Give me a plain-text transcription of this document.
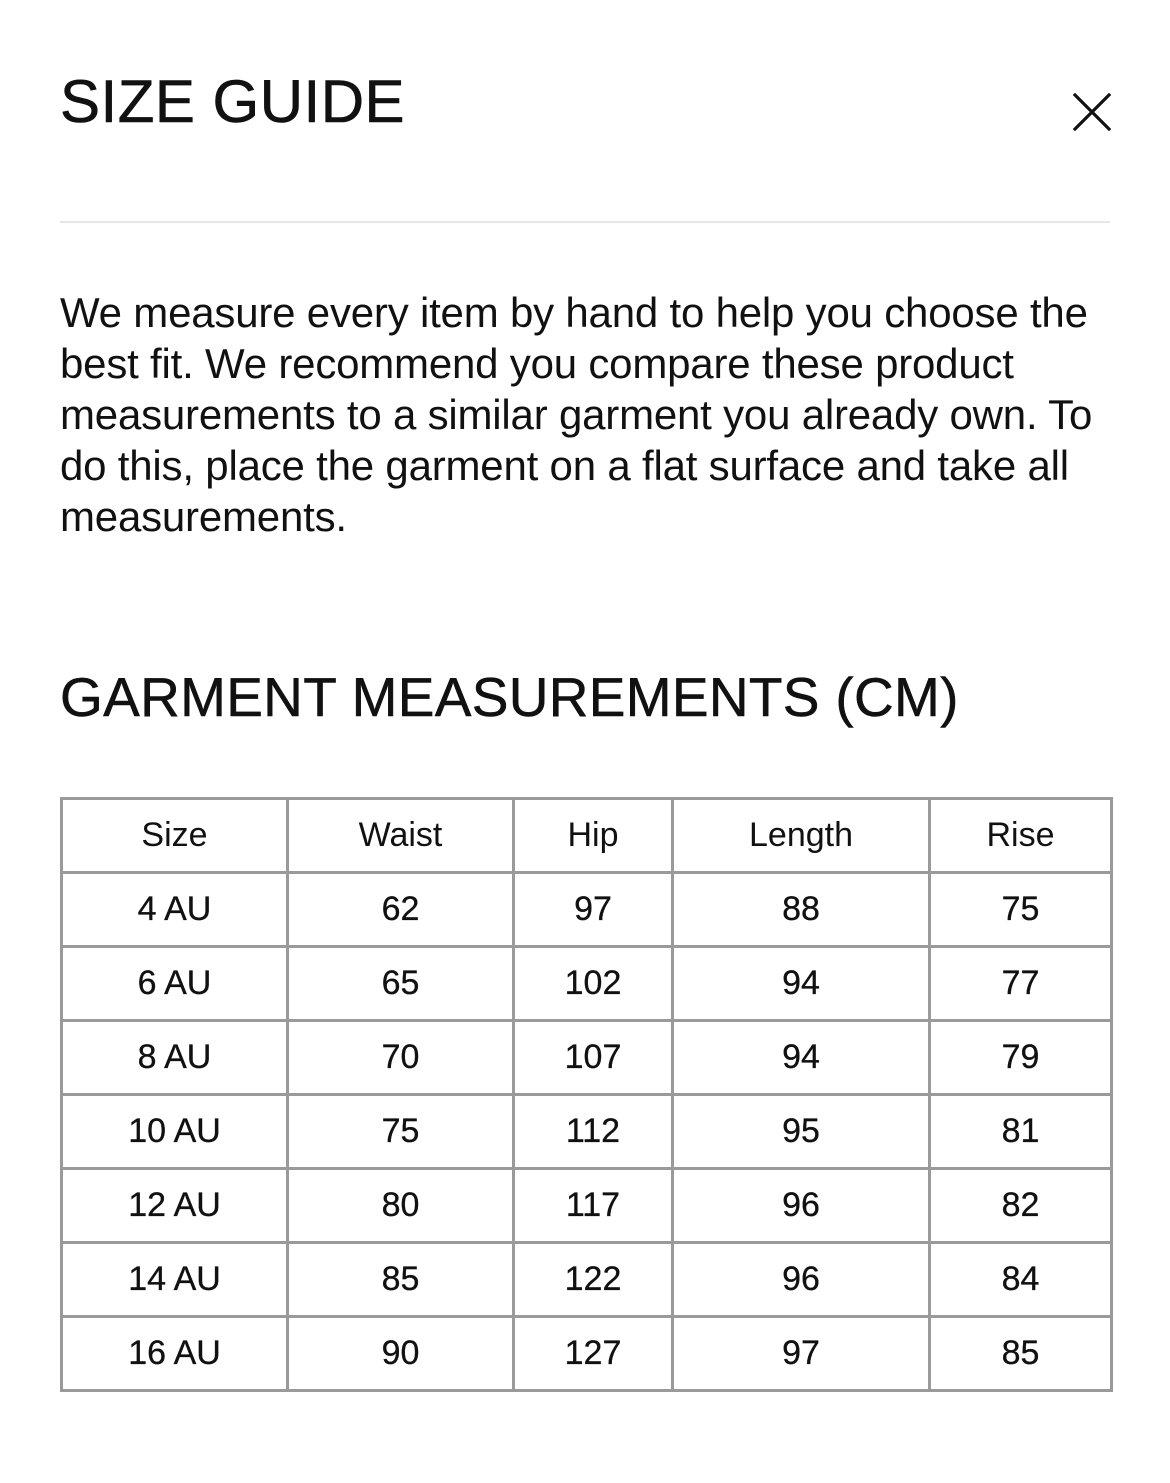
SIZE GUIDE

We measure every item by hand to help you choose the best fit. We recommend you compare these product measurements to a similar garment you already own. To do this, place the garment on a flat surface and take all measurements.

GARMENT MEASUREMENTS (CM)
Size	Waist	Hip	Length	Rise
4 AU	62	97	88	75
6 AU	65	102	94	77
8 AU	70	107	94	79
10 AU	75	112	95	81
12 AU	80	117	96	82
14 AU	85	122	96	84
16 AU	90	127	97	85
